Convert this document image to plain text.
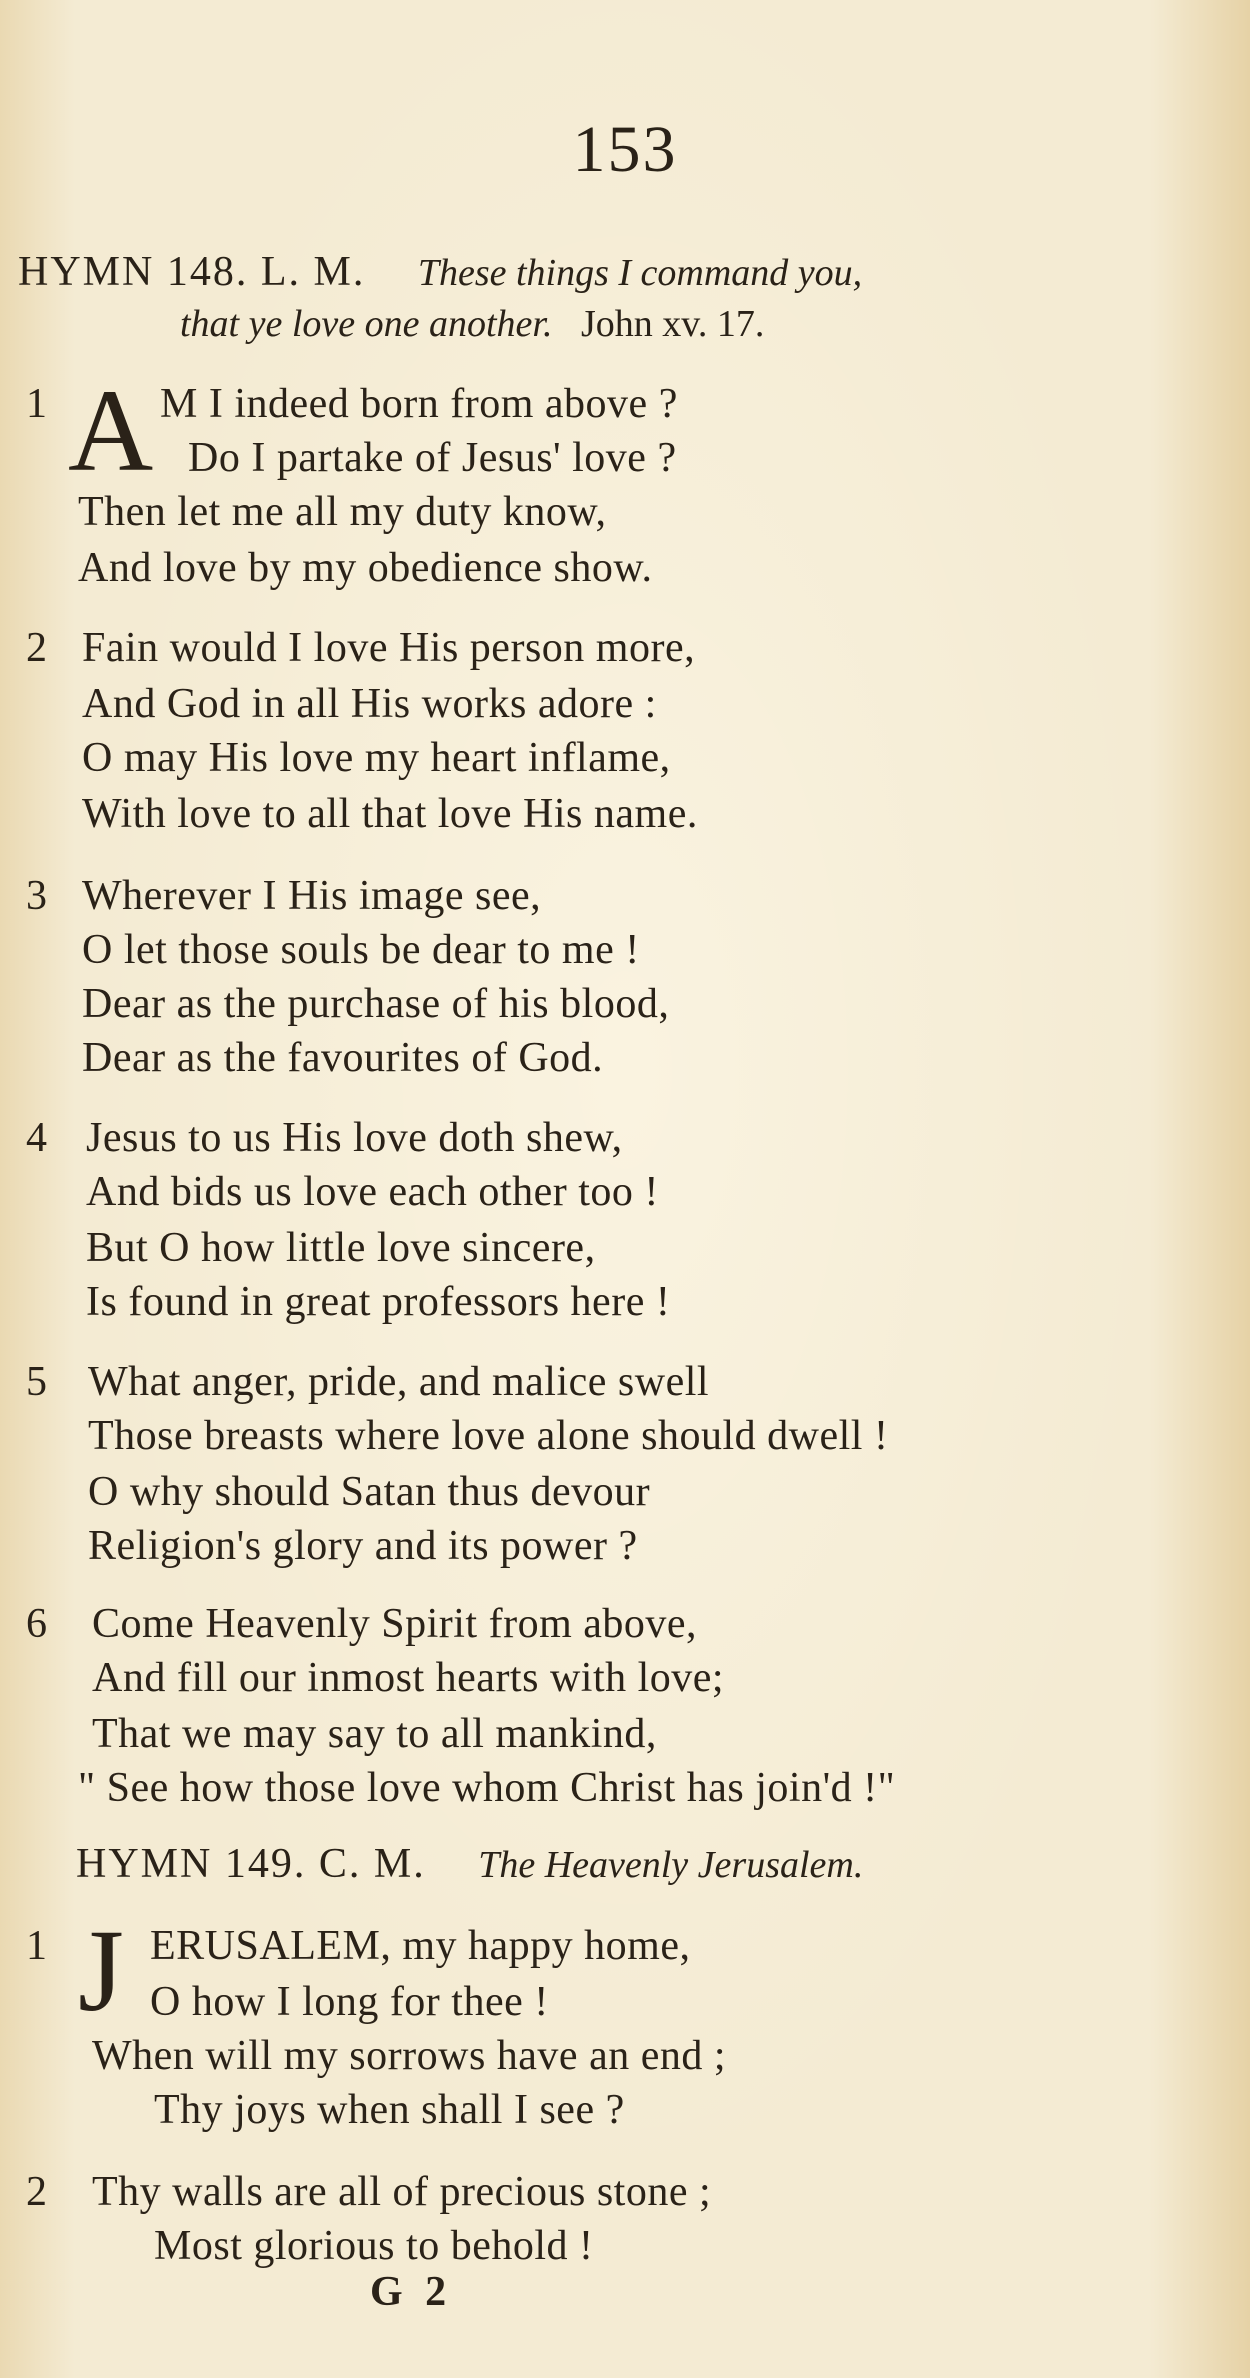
153
HYMN 148. L. M. These things I command you,
that ye love one another. John xv. 17.
1 A M I indeed born from above ?
Do I partake of Jesus' love ?
Then let me all my duty know,
And love by my obedience show.
2 Fain would I love His person more,
And God in all His works adore :
O may His love my heart inflame,
With love to all that love His name.
3 Wherever I His image see,
O let those souls be dear to me !
Dear as the purchase of his blood,
Dear as the favourites of God.
4 Jesus to us His love doth shew,
And bids us love each other too !
But O how little love sincere,
Is found in great professors here !
5 What anger, pride, and malice swell
Those breasts where love alone should dwell !
O why should Satan thus devour
Religion's glory and its power ?
6 Come Heavenly Spirit from above,
And fill our inmost hearts with love;
That we may say to all mankind,
" See how those love whom Christ has join'd !"
HYMN 149. C. M. The Heavenly Jerusalem.
1 J ERUSALEM, my happy home,
O how I long for thee !
When will my sorrows have an end ;
Thy joys when shall I see ?
2 Thy walls are all of precious stone ;
Most glorious to behold !
G 2
